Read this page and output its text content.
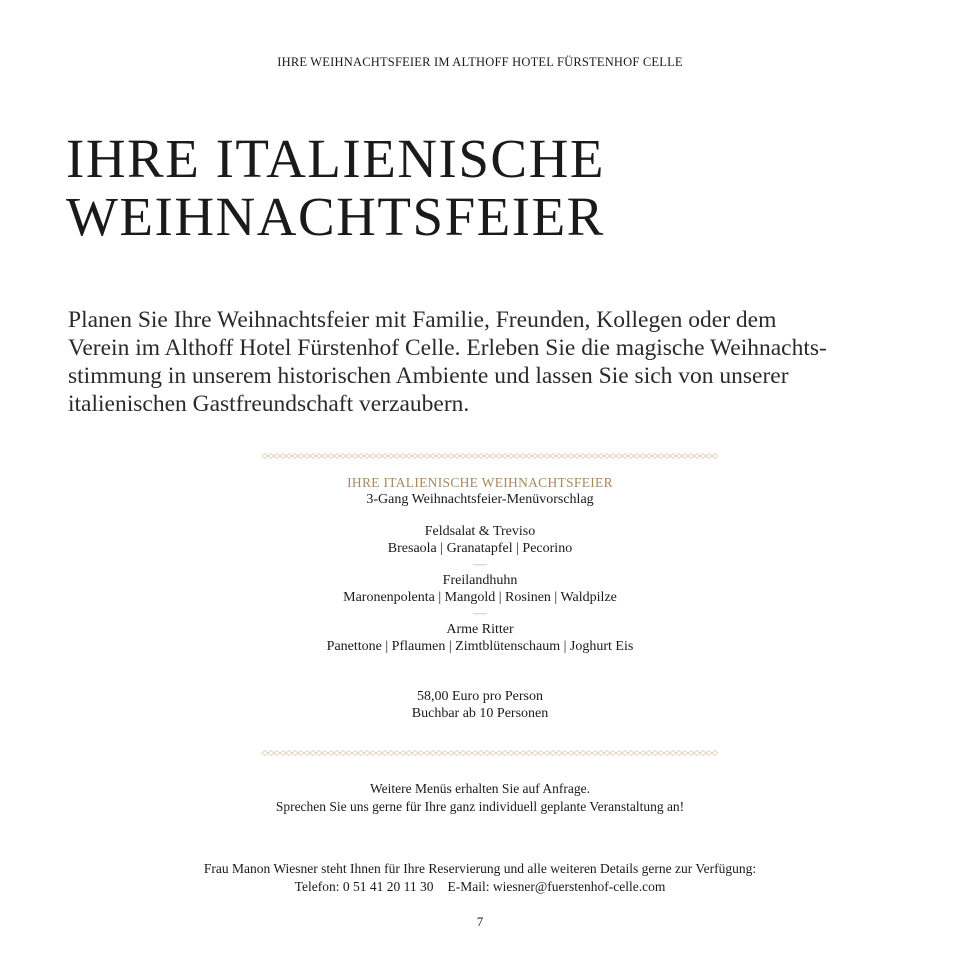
IHRE WEIHNACHTSFEIER IM ALTHOFF HOTEL FÜRSTENHOF CELLE
IHRE ITALIENISCHE
WEIHNACHTSFEIER

Planen Sie Ihre Weihnachtsfeier mit Familie, Freunden, Kollegen oder dem
Verein im Althoff Hotel Fürstenhof Celle. Erleben Sie die magische Weihnachts-
stimmung in unserem historischen Ambiente und lassen Sie sich von unserer
italienischen Gastfreundschaft verzaubern.

IHRE ITALIENISCHE WEIHNACHTSFEIER
3-Gang Weihnachtsfeier-Menüvorschlag
Feldsalat & Treviso
Bresaola | Granatapfel | Pecorino
—
Freilandhuhn
Maronenpolenta | Mangold | Rosinen | Waldpilze
—
Arme Ritter
Panettone | Pflaumen | Zimtblütenschaum | Joghurt Eis
58,00 Euro pro Person
Buchbar ab 10 Personen
Weitere Menüs erhalten Sie auf Anfrage.
Sprechen Sie uns gerne für Ihre ganz individuell geplante Veranstaltung an!
Frau Manon Wiesner steht Ihnen für Ihre Reservierung und alle weiteren Details gerne zur Verfügung:
Telefon: 0 51 41 20 11 30 E-Mail: wiesner@fuerstenhof-celle.com
7
